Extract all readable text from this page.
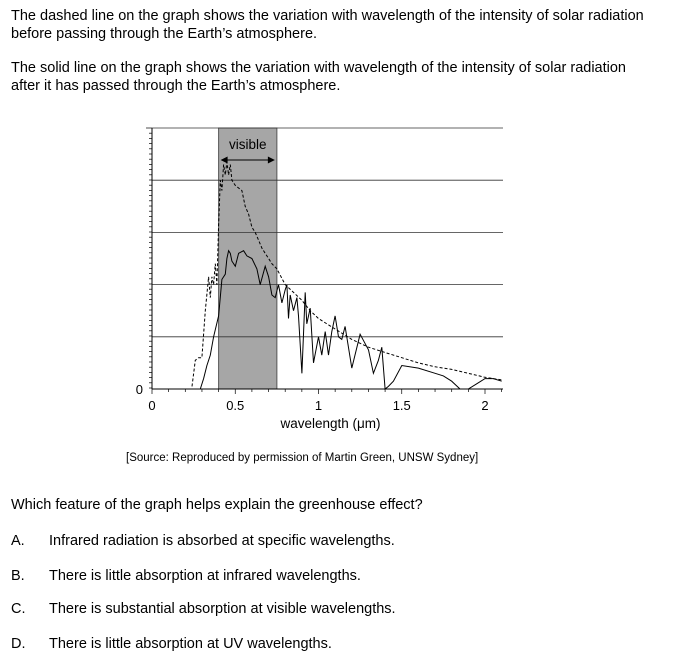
The dashed line on the graph shows the variation with wavelength of the intensity of solar radiation before passing through the Earth’s atmosphere.

The solid line on the graph shows the variation with wavelength of the intensity of solar radiation after it has passed through the Earth’s atmosphere.

0	0.5	1	1.5	2
0
wavelength (μm)
visible

[Source: Reproduced by permission of Martin Green, UNSW Sydney]

Which feature of the graph helps explain the greenhouse effect?

A. Infrared radiation is absorbed at specific wavelengths.
B. There is little absorption at infrared wavelengths.
C. There is substantial absorption at visible wavelengths.
D. There is little absorption at UV wavelengths.
